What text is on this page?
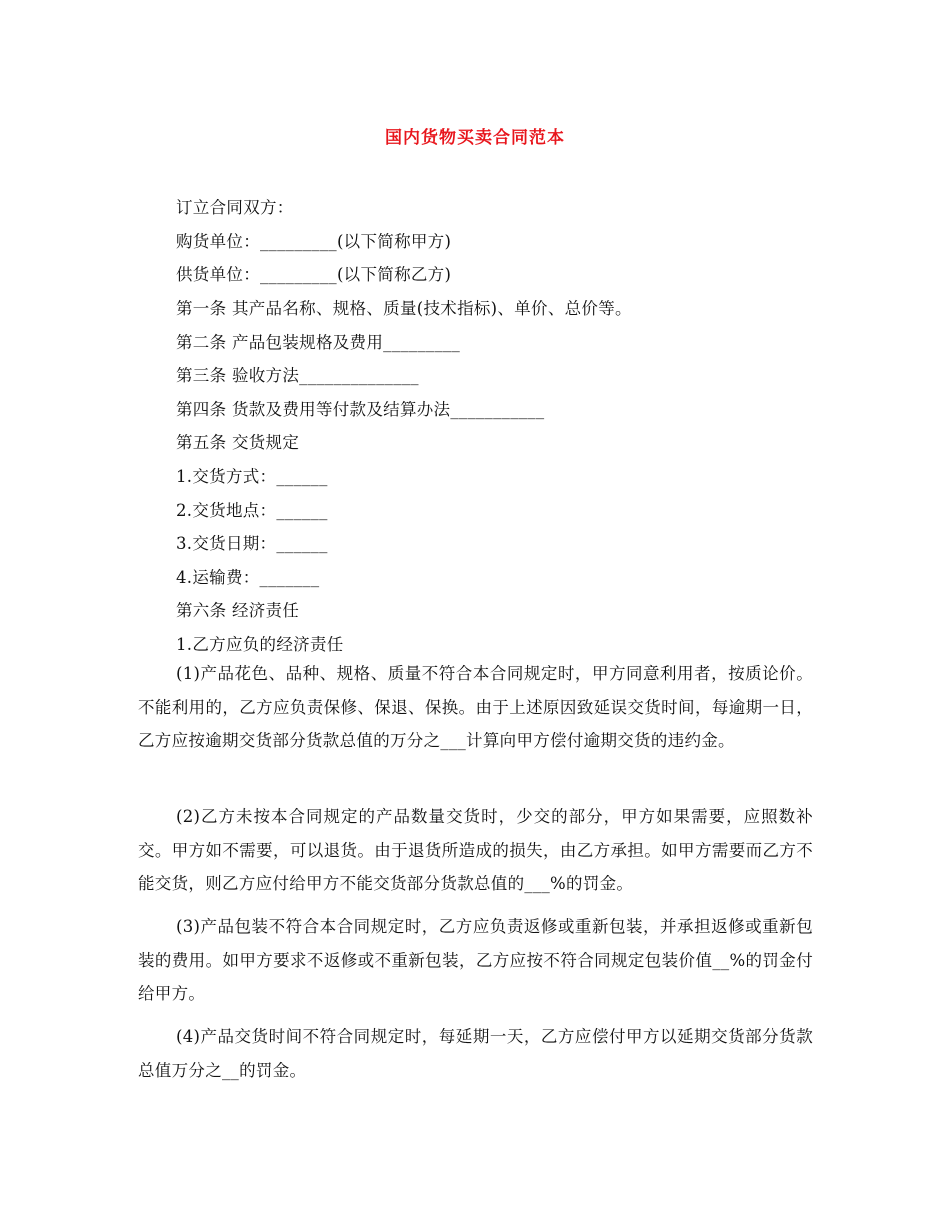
国内货物买卖合同范本
订立合同双方：
购货单位：_________(以下简称甲方)
供货单位：_________(以下简称乙方)
第一条 其产品名称、规格、质量(技术指标)、单价、总价等。
第二条 产品包装规格及费用_________
第三条 验收方法______________
第四条 货款及费用等付款及结算办法___________
第五条 交货规定
1.交货方式：______
2.交货地点：______
3.交货日期：______
4.运输费：_______
第六条 经济责任
1.乙方应负的经济责任

(1)产品花色、品种、规格、质量不符合本合同规定时，甲方同意利用者，按质论价。不能利用的，乙方应负责保修、保退、保换。由于上述原因致延误交货时间，每逾期一日，乙方应按逾期交货部分货款总值的万分之___计算向甲方偿付逾期交货的违约金。

(2)乙方未按本合同规定的产品数量交货时，少交的部分，甲方如果需要，应照数补交。甲方如不需要，可以退货。由于退货所造成的损失，由乙方承担。如甲方需要而乙方不能交货，则乙方应付给甲方不能交货部分货款总值的___%的罚金。

(3)产品包装不符合本合同规定时，乙方应负责返修或重新包装，并承担返修或重新包装的费用。如甲方要求不返修或不重新包装，乙方应按不符合同规定包装价值__%的罚金付给甲方。

(4)产品交货时间不符合同规定时，每延期一天，乙方应偿付甲方以延期交货部分货款总值万分之__的罚金。
